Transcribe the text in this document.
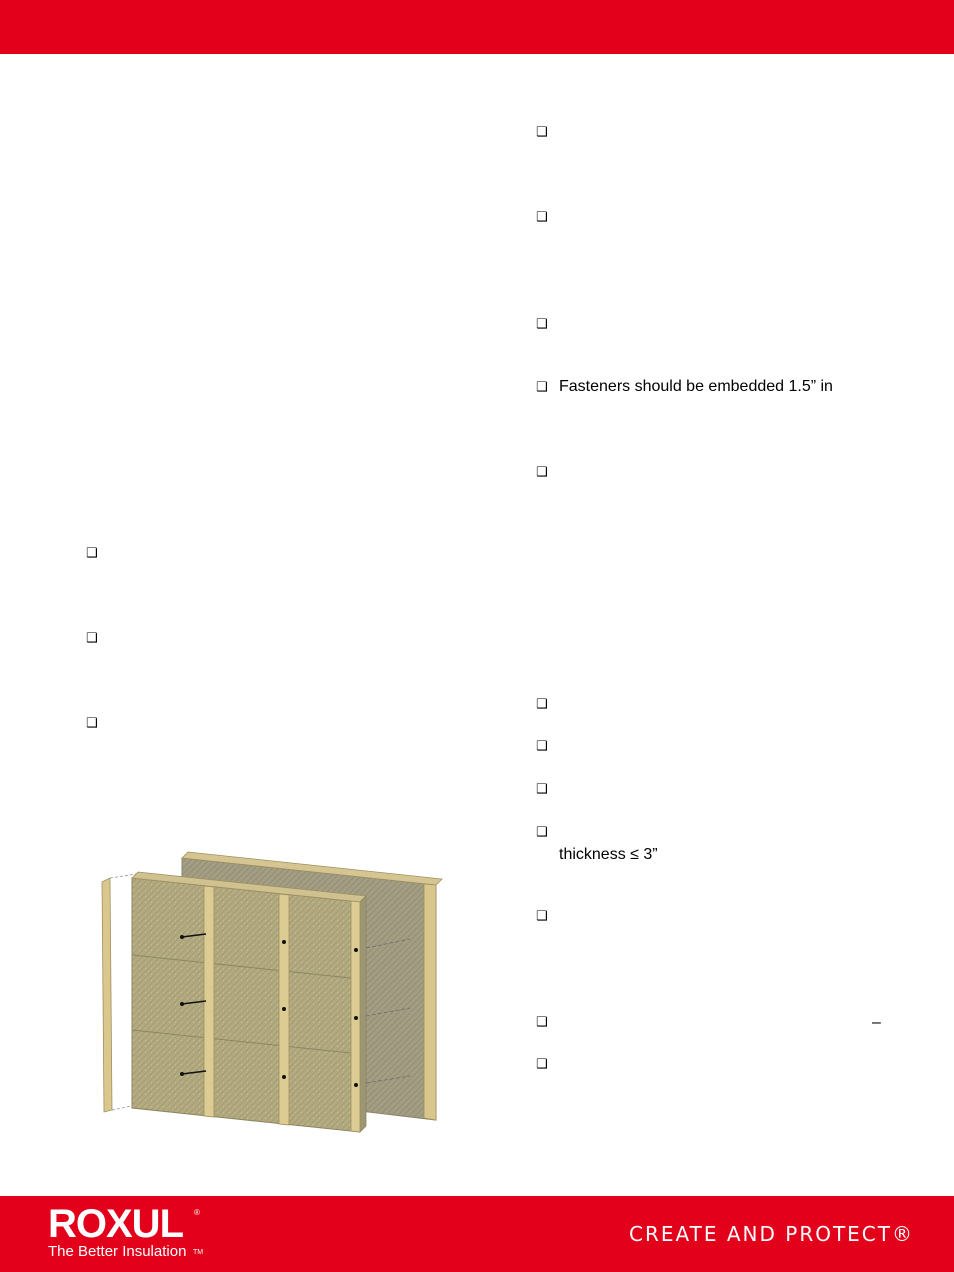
❑
❑
❑
❑
❑
❑
❑ Fasteners should be embedded 1.5” in
❑
❑
❑
❑
❑
thickness ≤ 3”
❑
❑	–
❑
ROXUL	®
The Better Insulation TM
CREATE AND PROTECT®
